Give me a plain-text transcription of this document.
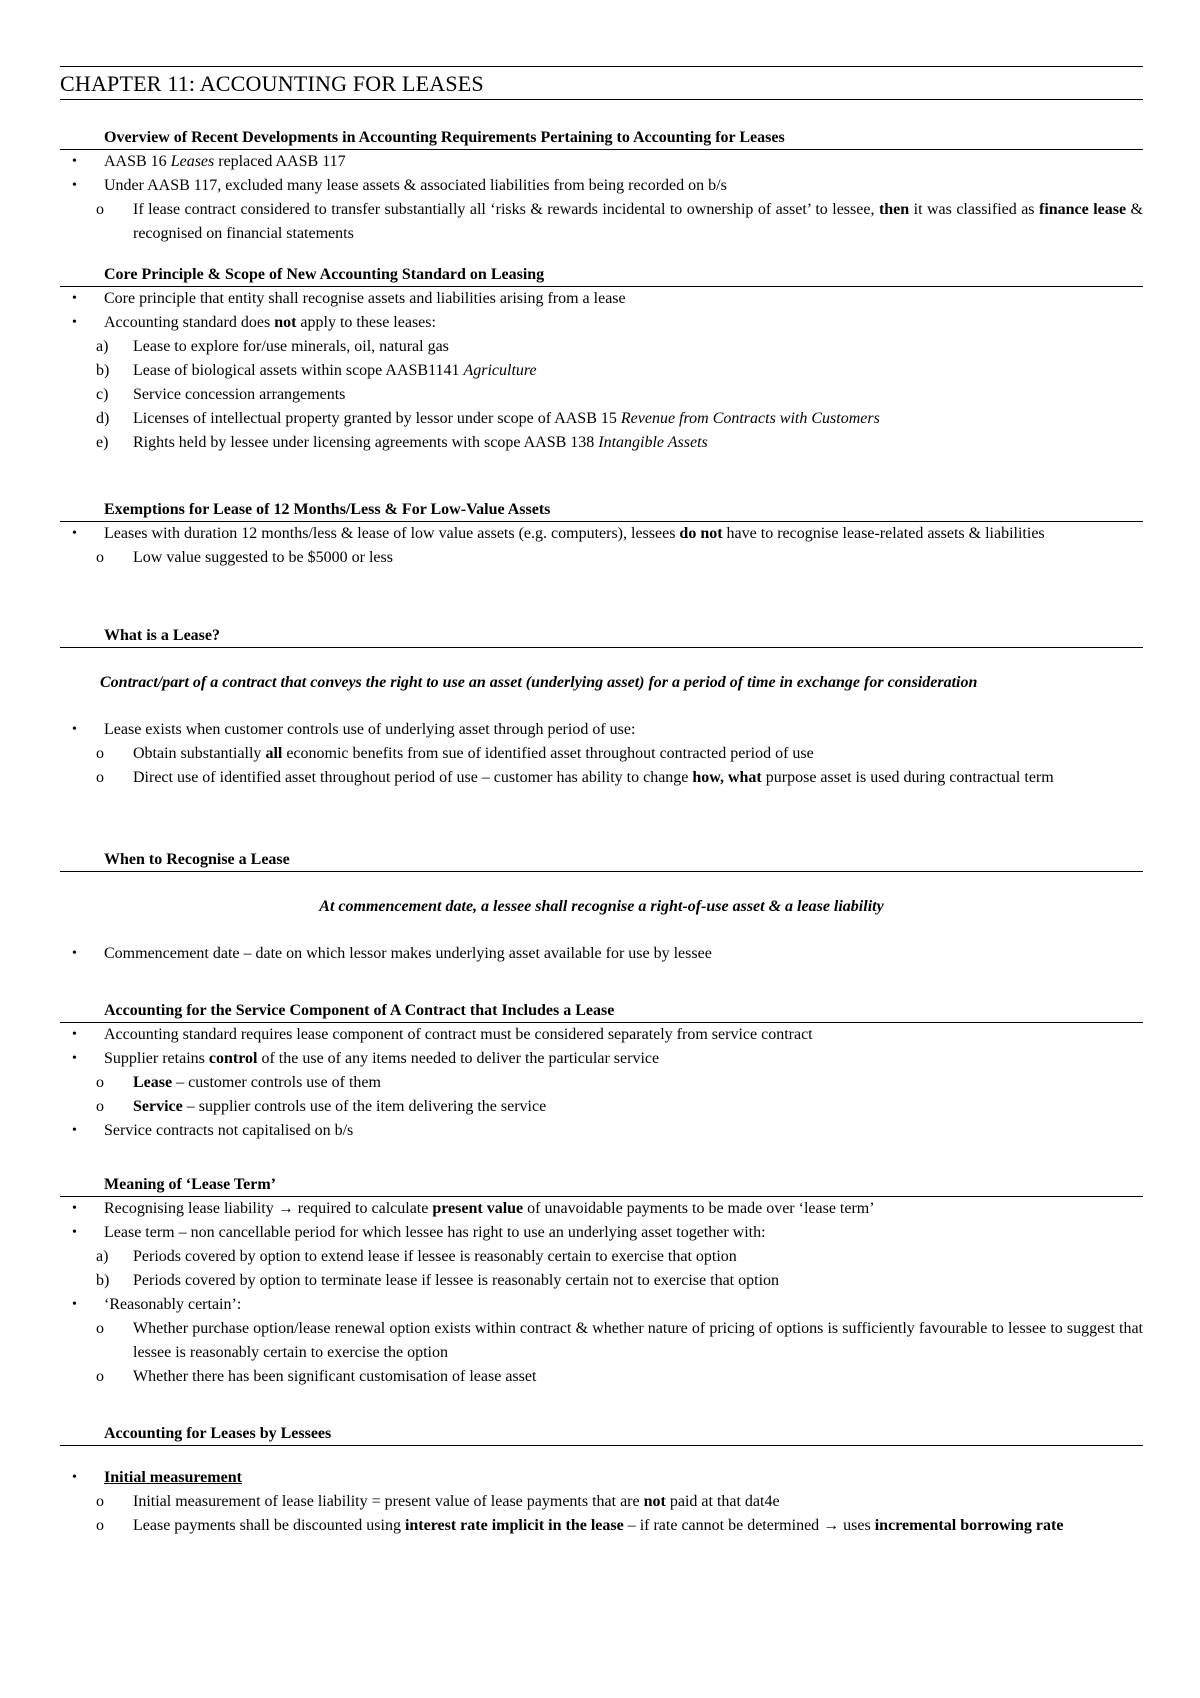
CHAPTER 11: ACCOUNTING FOR LEASES
Overview of Recent Developments in Accounting Requirements Pertaining to Accounting for Leases
• AASB 16 Leases replaced AASB 117
• Under AASB 117, excluded many lease assets & associated liabilities from being recorded on b/s
o If lease contract considered to transfer substantially all ‘risks & rewards incidental to ownership of asset’ to lessee, then it was classified as finance lease & recognised on financial statements
Core Principle & Scope of New Accounting Standard on Leasing
• Core principle that entity shall recognise assets and liabilities arising from a lease
• Accounting standard does not apply to these leases:
a) Lease to explore for/use minerals, oil, natural gas
b) Lease of biological assets within scope AASB1141 Agriculture
c) Service concession arrangements
d) Licenses of intellectual property granted by lessor under scope of AASB 15 Revenue from Contracts with Customers
e) Rights held by lessee under licensing agreements with scope AASB 138 Intangible Assets
Exemptions for Lease of 12 Months/Less & For Low-Value Assets
• Leases with duration 12 months/less & lease of low value assets (e.g. computers), lessees do not have to recognise lease-related assets & liabilities
o Low value suggested to be $5000 or less
What is a Lease?
Contract/part of a contract that conveys the right to use an asset (underlying asset) for a period of time in exchange for consideration
• Lease exists when customer controls use of underlying asset through period of use:
o Obtain substantially all economic benefits from sue of identified asset throughout contracted period of use
o Direct use of identified asset throughout period of use – customer has ability to change how, what purpose asset is used during contractual term
When to Recognise a Lease
At commencement date, a lessee shall recognise a right-of-use asset & a lease liability
• Commencement date – date on which lessor makes underlying asset available for use by lessee
Accounting for the Service Component of A Contract that Includes a Lease
• Accounting standard requires lease component of contract must be considered separately from service contract
• Supplier retains control of the use of any items needed to deliver the particular service
o Lease – customer controls use of them
o Service – supplier controls use of the item delivering the service
• Service contracts not capitalised on b/s
Meaning of ‘Lease Term’
• Recognising lease liability → required to calculate present value of unavoidable payments to be made over ‘lease term’
• Lease term – non cancellable period for which lessee has right to use an underlying asset together with:
a) Periods covered by option to extend lease if lessee is reasonably certain to exercise that option
b) Periods covered by option to terminate lease if lessee is reasonably certain not to exercise that option
• ‘Reasonably certain’:
o Whether purchase option/lease renewal option exists within contract & whether nature of pricing of options is sufficiently favourable to lessee to suggest that lessee is reasonably certain to exercise the option
o Whether there has been significant customisation of lease asset
Accounting for Leases by Lessees
• Initial measurement
o Initial measurement of lease liability = present value of lease payments that are not paid at that dat4e
o Lease payments shall be discounted using interest rate implicit in the lease – if rate cannot be determined → uses incremental borrowing rate
